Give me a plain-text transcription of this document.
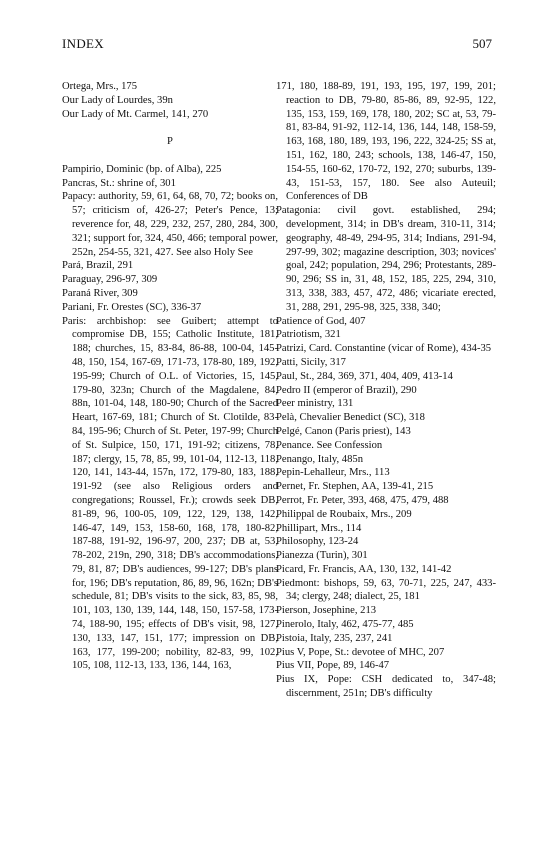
INDEX	507

Ortega, Mrs., 175

Our Lady of Lourdes, 39n

Our Lady of Mt. Carmel, 141, 270

P

Pampirio, Dominic (bp. of Alba), 225

Pancras, St.: shrine of, 301

Papacy: authority, 59, 61, 64, 68, 70, 72; books on, 57; criticism of, 426-27; Peter's Pence, 13; reverence for, 48, 229, 232, 257, 280, 284, 300, 321; support for, 324, 450, 466; temporal power, 252n, 254-55, 321, 427. See also Holy See

Pará, Brazil, 291

Paraguay, 296-97, 309

Paraná River, 309

Pariani, Fr. Orestes (SC), 336-37

Paris: archbishop: see Guibert; attempt to compromise DB, 155; Catholic Institute, 181, 188; churches, 15, 83-84, 86-88, 100-04, 145-48, 150, 154, 167-69, 171-73, 178-80, 189, 192, 195-99; Church of O.L. of Victories, 15, 145, 179-80, 323n; Church of the Magdalene, 84, 88n, 101-04, 148, 180-90; Church of the Sacred Heart, 167-69, 181; Church of St. Clotilde, 83-84, 195-96; Church of St. Peter, 197-99; Church of St. Sulpice, 150, 171, 191-92; citizens, 78, 187; clergy, 15, 78, 85, 99, 101-04, 112-13, 118, 120, 141, 143-44, 157n, 172, 179-80, 183, 188, 191-92 (see also Religious orders and congregations; Roussel, Fr.); crowds seek DB, 81-89, 96, 100-05, 109, 122, 129, 138, 142, 146-47, 149, 153, 158-60, 168, 178, 180-82, 187-88, 191-92, 196-97, 200, 237; DB at, 53, 78-202, 219n, 290, 318; DB's accommodations, 79, 81, 87; DB's audiences, 99-127; DB's plans for, 196; DB's reputation, 86, 89, 96, 162n; DB's schedule, 81; DB's visits to the sick, 83, 85, 98, 101, 103, 130, 139, 144, 148, 150, 157-58, 173-74, 188-90, 195; effects of DB's visit, 98, 127, 130, 133, 147, 151, 177; impression on DB, 163, 177, 199-200; nobility, 82-83, 99, 102, 105, 108, 112-13, 133, 136, 144, 163,

171, 180, 188-89, 191, 193, 195, 197, 199, 201; reaction to DB, 79-80, 85-86, 89, 92-95, 122, 135, 153, 159, 169, 178, 180, 202; SC at, 53, 79-81, 83-84, 91-92, 112-14, 136, 144, 148, 158-59, 163, 168, 180, 189, 193, 196, 222, 324-25; SS at, 151, 162, 180, 243; schools, 138, 146-47, 150, 154-55, 160-62, 170-72, 192, 270; suburbs, 139-43, 151-53, 157, 180. See also Auteuil; Conferences of DB

Patagonia: civil govt. established, 294; development, 314; in DB's dream, 310-11, 314; geography, 48-49, 294-95, 314; Indians, 291-94, 297-99, 302; magazine description, 303; novices' goal, 242; population, 294, 296; Protestants, 289-90, 296; SS in, 31, 48, 152, 185, 225, 294, 310, 313, 338, 383, 457, 472, 486; vicariate erected, 31, 288, 291, 295-98, 325, 338, 340;

Patience of God, 407

Patriotism, 321

Patrizi, Card. Constantine (vicar of Rome), 434-35

Patti, Sicily, 317

Paul, St., 284, 369, 371, 404, 409, 413-14

Pedro II (emperor of Brazil), 290

Peer ministry, 131

Pelà, Chevalier Benedict (SC), 318

Pelgé, Canon (Paris priest), 143

Penance. See Confession

Penango, Italy, 485n

Pepin-Lehalleur, Mrs., 113

Pernet, Fr. Stephen, AA, 139-41, 215

Perrot, Fr. Peter, 393, 468, 475, 479, 488

Philippal de Roubaix, Mrs., 209

Phillipart, Mrs., 114

Philosophy, 123-24

Pianezza (Turin), 301

Picard, Fr. Francis, AA, 130, 132, 141-42

Piedmont: bishops, 59, 63, 70-71, 225, 247, 433-34; clergy, 248; dialect, 25, 181

Pierson, Josephine, 213

Pinerolo, Italy, 462, 475-77, 485

Pistoia, Italy, 235, 237, 241

Pius V, Pope, St.: devotee of MHC, 207

Pius VII, Pope, 89, 146-47

Pius IX, Pope: CSH dedicated to, 347-48; discernment, 251n; DB's difficulty
